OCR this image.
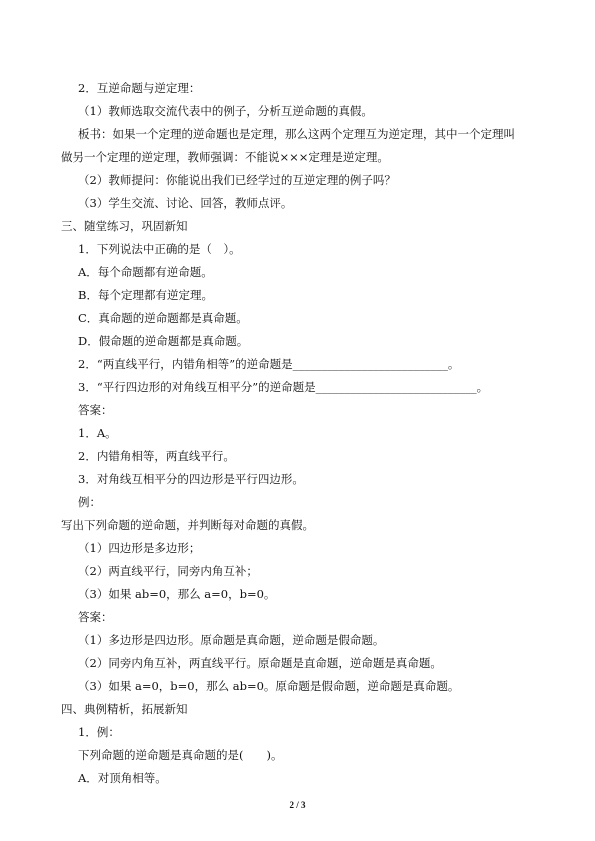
2．互逆命题与逆定理：
（1）教师选取交流代表中的例子，分析互逆命题的真假。
板书：如果一个定理的逆命题也是定理，那么这两个定理互为逆定理，其中一个定理叫
做另一个定理的逆定理，教师强调：不能说×××定理是逆定理。
（2）教师提问：你能说出我们已经学过的互逆定理的例子吗？
（3）学生交流、讨论、回答，教师点评。
三、随堂练习，巩固新知
1．下列说法中正确的是（　）。
A．每个命题都有逆命题。
B．每个定理都有逆定理。
C．真命题的逆命题都是真命题。
D．假命题的逆命题都是真命题。
2．“两直线平行，内错角相等”的逆命题是___________________________。
3．“平行四边形的对角线互相平分”的逆命题是____________________________。
答案：
1．A。
2．内错角相等，两直线平行。
3．对角线互相平分的四边形是平行四边形。
例：
写出下列命题的逆命题，并判断每对命题的真假。
（1）四边形是多边形；
（2）两直线平行，同旁内角互补；
（3）如果 ab=0，那么 a=0，b=0。
答案：
（1）多边形是四边形。原命题是真命题，逆命题是假命题。
（2）同旁内角互补，两直线平行。原命题是直命题，逆命题是真命题。
（3）如果 a=0，b=0，那么 ab=0。原命题是假命题，逆命题是真命题。
四、典例精析，拓展新知
1．例：
下列命题的逆命题是真命题的是(　　)。
A．对顶角相等。
2 / 3
